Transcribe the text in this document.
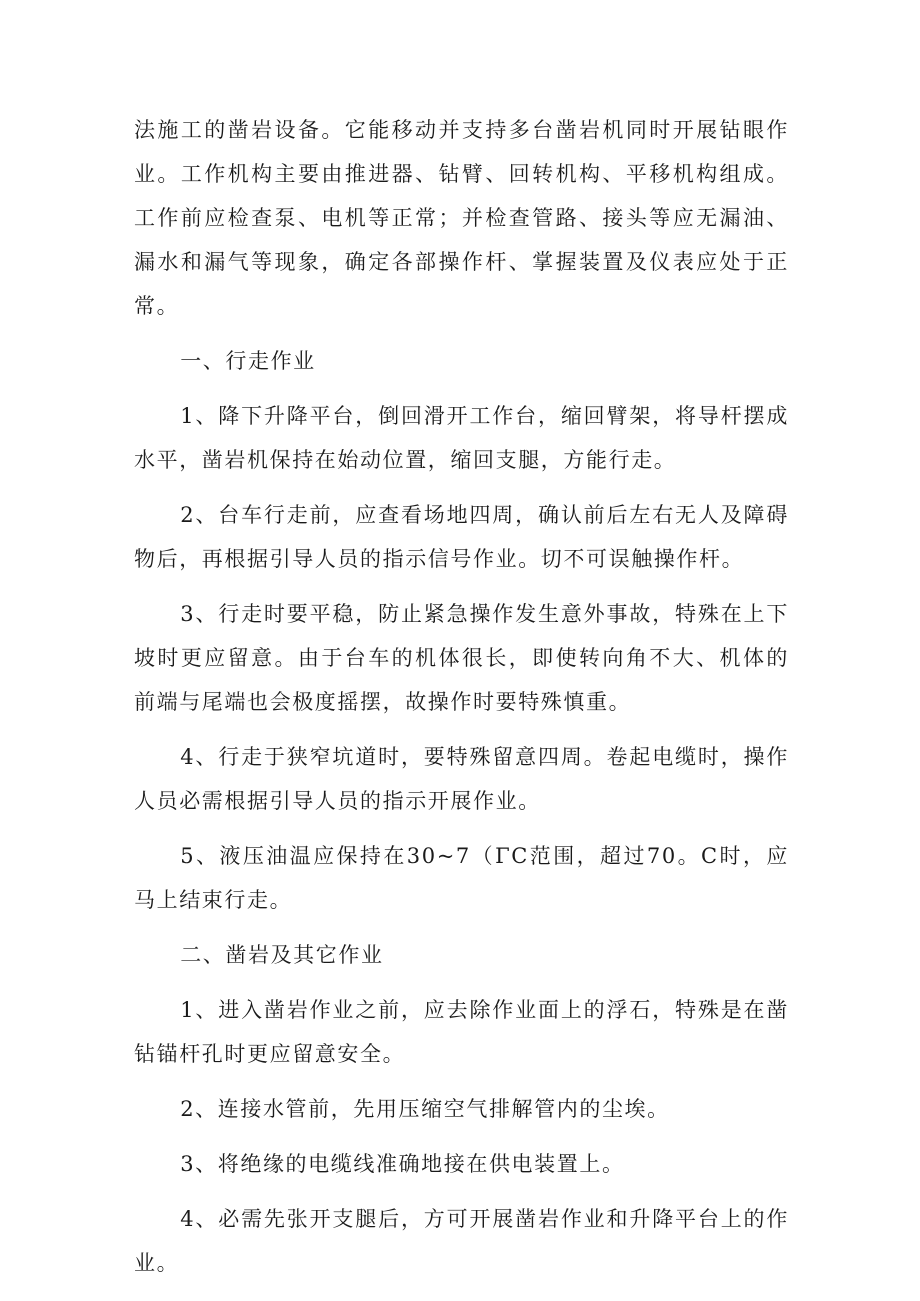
法施工的凿岩设备。它能移动并支持多台凿岩机同时开展钻眼作业。工作机构主要由推进器、钻臂、回转机构、平移机构组成。工作前应检查泵、电机等正常；并检查管路、接头等应无漏油、漏水和漏气等现象，确定各部操作杆、掌握装置及仪表应处于正常。

一、行走作业

1、降下升降平台，倒回滑开工作台，缩回臂架，将导杆摆成水平，凿岩机保持在始动位置，缩回支腿，方能行走。

2、台车行走前，应查看场地四周，确认前后左右无人及障碍物后，再根据引导人员的指示信号作业。切不可误触操作杆。

3、行走时要平稳，防止紧急操作发生意外事故，特殊在上下坡时更应留意。由于台车的机体很长，即使转向角不大、机体的前端与尾端也会极度摇摆，故操作时要特殊慎重。

4、行走于狭窄坑道时，要特殊留意四周。卷起电缆时，操作人员必需根据引导人员的指示开展作业。

5、液压油温应保持在30~7（ΓC范围，超过70。C时，应马上结束行走。

二、凿岩及其它作业

1、进入凿岩作业之前，应去除作业面上的浮石，特殊是在凿钻锚杆孔时更应留意安全。

2、连接水管前，先用压缩空气排解管内的尘埃。

3、将绝缘的电缆线准确地接在供电装置上。

4、必需先张开支腿后，方可开展凿岩作业和升降平台上的作业。
